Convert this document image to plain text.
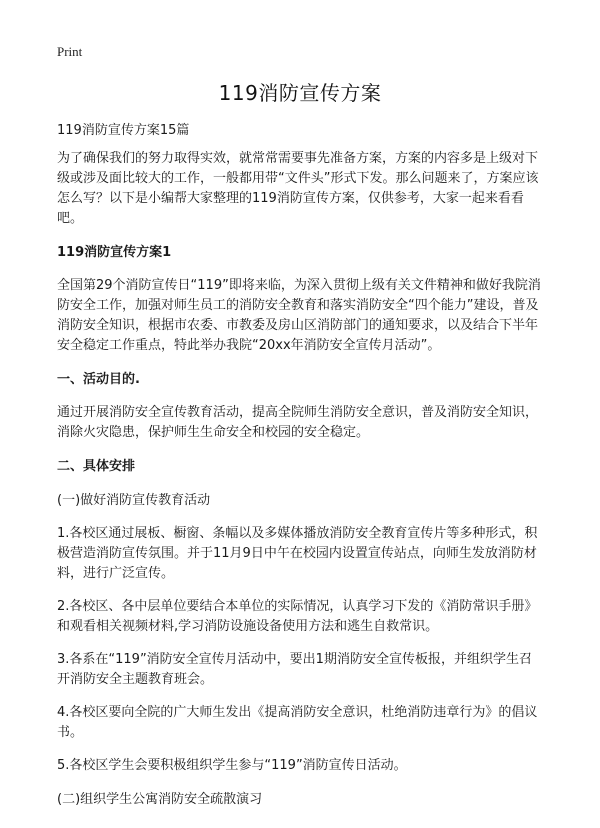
Print
119消防宣传方案

119消防宣传方案15篇

为了确保我们的努力取得实效，就常常需要事先准备方案，方案的内容多是上级对下级或涉及面比较大的工作，一般都用带“文件头”形式下发。那么问题来了，方案应该怎么写？以下是小编帮大家整理的119消防宣传方案，仅供参考，大家一起来看看吧。

119消防宣传方案1

全国第29个消防宣传日“119”即将来临，为深入贯彻上级有关文件精神和做好我院消防安全工作，加强对师生员工的消防安全教育和落实消防安全“四个能力”建设，普及消防安全知识，根据市农委、市教委及房山区消防部门的通知要求，以及结合下半年安全稳定工作重点，特此举办我院“20xx年消防安全宣传月活动”。

一、活动目的.

通过开展消防安全宣传教育活动，提高全院师生消防安全意识，普及消防安全知识，消除火灾隐患，保护师生生命安全和校园的安全稳定。

二、具体安排

(一)做好消防宣传教育活动

1.各校区通过展板、橱窗、条幅以及多媒体播放消防安全教育宣传片等多种形式，积极营造消防宣传氛围。并于11月9日中午在校园内设置宣传站点，向师生发放消防材料，进行广泛宣传。

2.各校区、各中层单位要结合本单位的实际情况，认真学习下发的《消防常识手册》和观看相关视频材料,学习消防设施设备使用方法和逃生自救常识。

3.各系在“119”消防安全宣传月活动中，要出1期消防安全宣传板报，并组织学生召开消防安全主题教育班会。

4.各校区要向全院的广大师生发出《提高消防安全意识，杜绝消防违章行为》的倡议书。

5.各校区学生会要积极组织学生参与“119”消防宣传日活动。

(二)组织学生公寓消防安全疏散演习
